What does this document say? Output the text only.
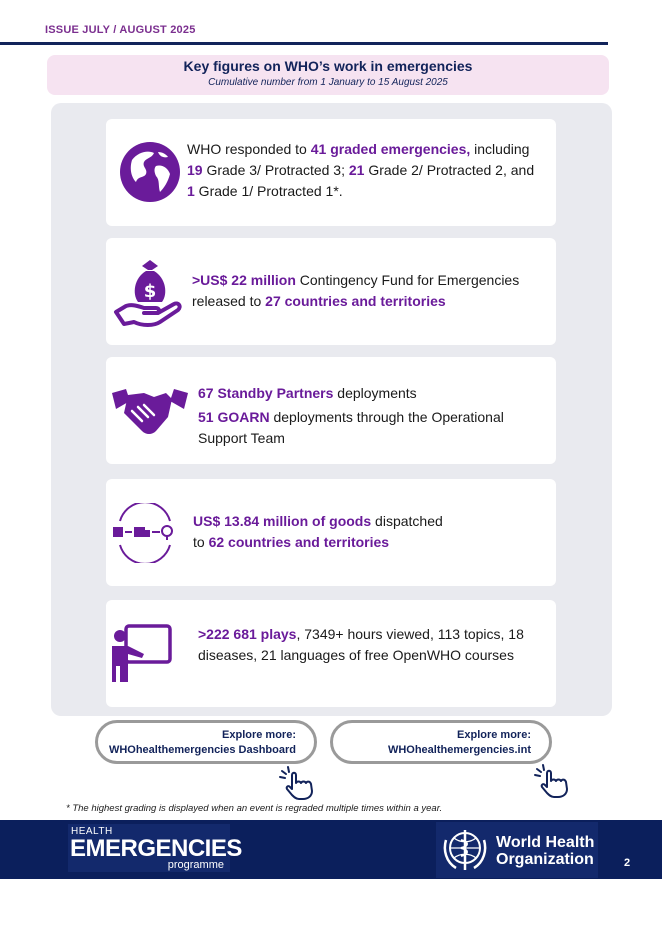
ISSUE JULY / AUGUST 2025
Key figures on WHO’s work in emergencies
Cumulative number from 1 January to 15 August 2025
WHO responded to 41 graded emergencies, including
19 Grade 3/ Protracted 3; 21 Grade 2/ Protracted 2, and
1 Grade 1/ Protracted 1*.
$
>US$ 22 million Contingency Fund for Emergencies released to 27 countries and territories
67 Standby Partners deployments
51 GOARN deployments through the Operational Support Team
US$ 13.84 million of goods dispatched
to 62 countries and territories
>222 681 plays, 7349+ hours viewed, 113 topics, 18 diseases, 21 languages of free OpenWHO courses
Explore more:
WHOhealthemergencies Dashboard
Explore more:
WHOhealthemergencies.int
* The highest grading is displayed when an event is regraded multiple times within a year.
HEALTH
EMERGENCIES
programme
World Health
Organization	2
